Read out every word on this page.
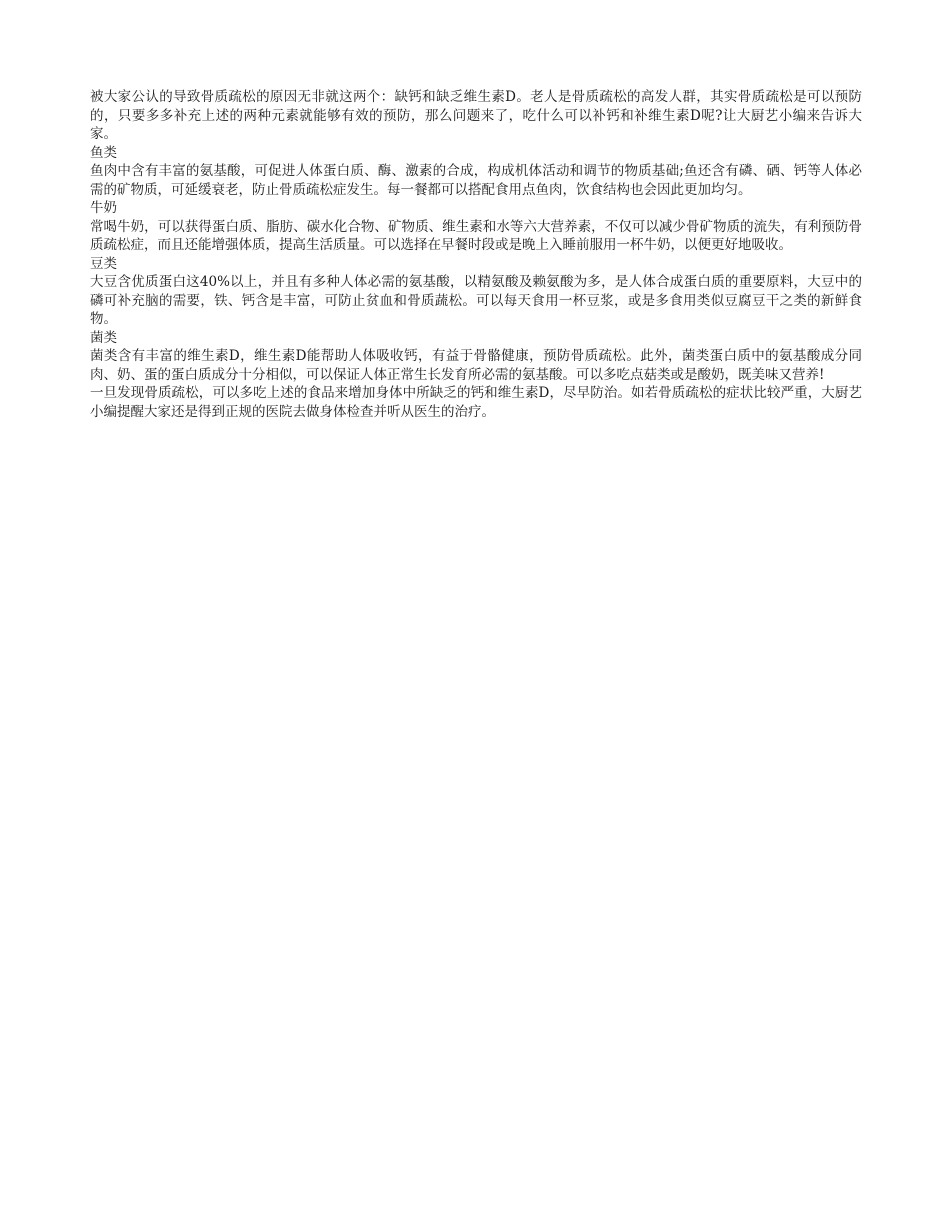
被大家公认的导致骨质疏松的原因无非就这两个：缺钙和缺乏维生素D。老人是骨质疏松的高发人群，其实骨质疏松是可以预防的，只要多多补充上述的两种元素就能够有效的预防，那么问题来了，吃什么可以补钙和补维生素D呢?让大厨艺小编来告诉大家。

鱼类

鱼肉中含有丰富的氨基酸，可促进人体蛋白质、酶、激素的合成，构成机体活动和调节的物质基础;鱼还含有磷、硒、钙等人体必需的矿物质，可延缓衰老，防止骨质疏松症发生。每一餐都可以搭配食用点鱼肉，饮食结构也会因此更加均匀。

牛奶

常喝牛奶，可以获得蛋白质、脂肪、碳水化合物、矿物质、维生素和水等六大营养素，不仅可以减少骨矿物质的流失，有利预防骨质疏松症，而且还能增强体质，提高生活质量。可以选择在早餐时段或是晚上入睡前服用一杯牛奶，以便更好地吸收。

豆类

大豆含优质蛋白这40%以上，并且有多种人体必需的氨基酸，以精氨酸及赖氨酸为多，是人体合成蛋白质的重要原料，大豆中的磷可补充脑的需要，铁、钙含是丰富，可防止贫血和骨质蔬松。可以每天食用一杯豆浆，或是多食用类似豆腐豆干之类的新鲜食物。

菌类

菌类含有丰富的维生素D，维生素D能帮助人体吸收钙，有益于骨骼健康，预防骨质疏松。此外，菌类蛋白质中的氨基酸成分同肉、奶、蛋的蛋白质成分十分相似，可以保证人体正常生长发育所必需的氨基酸。可以多吃点菇类或是酸奶，既美味又营养!

一旦发现骨质疏松，可以多吃上述的食品来增加身体中所缺乏的钙和维生素D，尽早防治。如若骨质疏松的症状比较严重，大厨艺小编提醒大家还是得到正规的医院去做身体检查并听从医生的治疗。
